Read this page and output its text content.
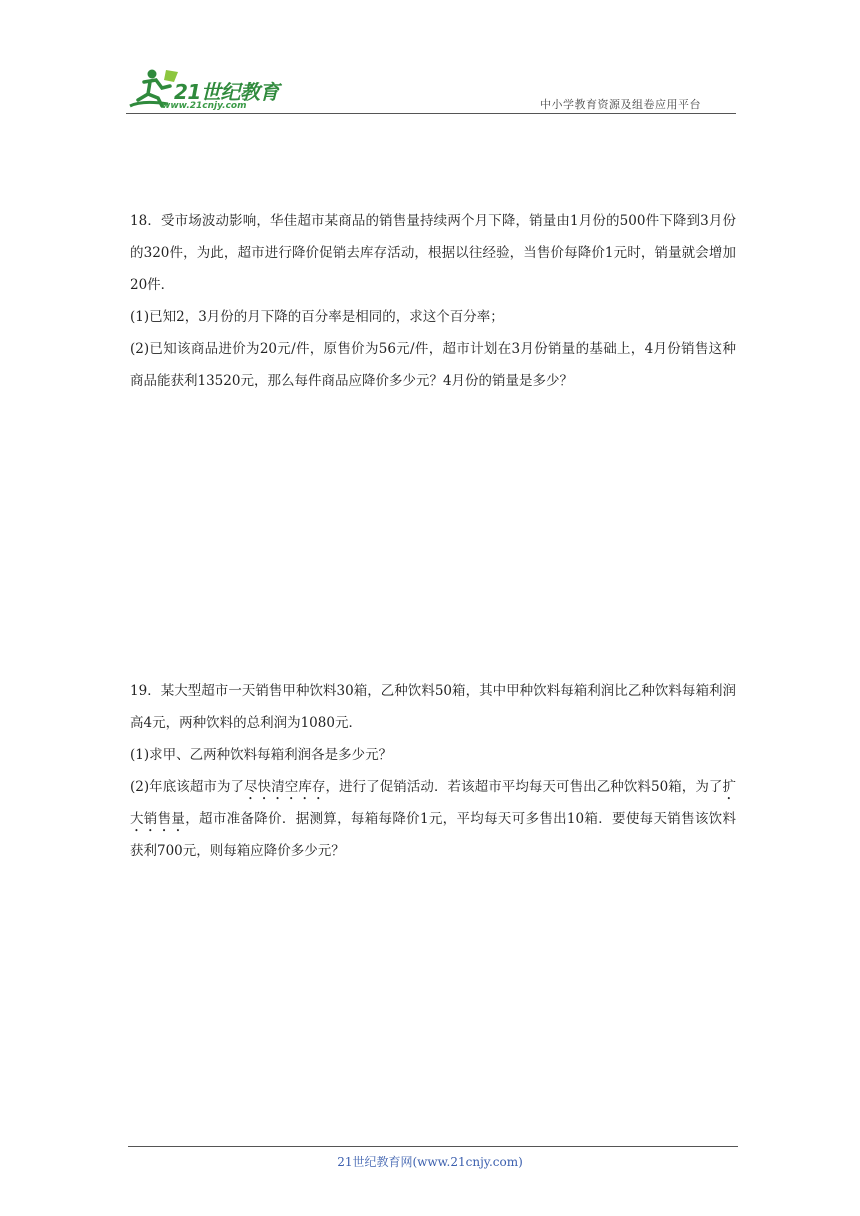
21世纪教育
www.21cnjy.com	中小学教育资源及组卷应用平台

18．受市场波动影响，华佳超市某商品的销售量持续两个月下降，销量由1月份的500件下降到3月份的320件，为此，超市进行降价促销去库存活动，根据以往经验，当售价每降价1元时，销量就会增加20件．

(1)已知2，3月份的月下降的百分率是相同的，求这个百分率；

(2)已知该商品进价为20元/件，原售价为56元/件，超市计划在3月份销量的基础上，4月份销售这种商品能获利13520元，那么每件商品应降价多少元？4月份的销量是多少？

19．某大型超市一天销售甲种饮料30箱，乙种饮料50箱，其中甲种饮料每箱利润比乙种饮料每箱利润高4元，两种饮料的总利润为1080元．

(1)求甲、乙两种饮料每箱利润各是多少元？

(2)年底该超市为了尽快清空库存，进行了促销活动．若该超市平均每天可售出乙种饮料50箱，为了扩大销售量，超市准备降价．据测算，每箱每降价1元，平均每天可多售出10箱．要使每天销售该饮料获利700元，则每箱应降价多少元？

21世纪教育网(www.21cnjy.com)
